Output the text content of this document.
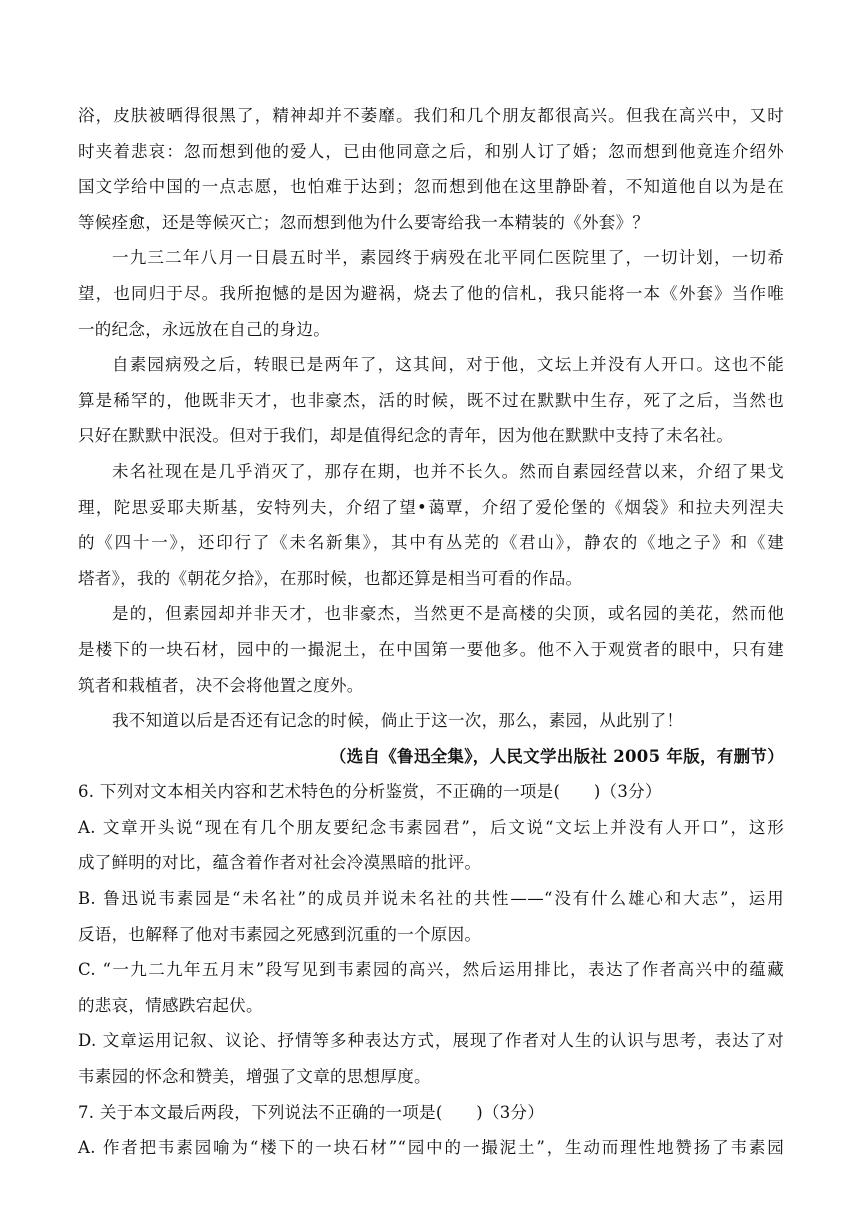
浴，皮肤被晒得很黑了，精神却并不萎靡。我们和几个朋友都很高兴。但我在高兴中，又时
时夹着悲哀：忽而想到他的爱人，已由他同意之后，和别人订了婚；忽而想到他竟连介绍外
国文学给中国的一点志愿，也怕难于达到；忽而想到他在这里静卧着，不知道他自以为是在
等候痊愈，还是等候灭亡；忽而想到他为什么要寄给我一本精装的《外套》？
一九三二年八月一日晨五时半，素园终于病殁在北平同仁医院里了，一切计划，一切希
望，也同归于尽。我所抱憾的是因为避祸，烧去了他的信札，我只能将一本《外套》当作唯
一的纪念，永远放在自己的身边。
自素园病殁之后，转眼已是两年了，这其间，对于他，文坛上并没有人开口。这也不能
算是稀罕的，他既非天才，也非豪杰，活的时候，既不过在默默中生存，死了之后，当然也
只好在默默中泯没。但对于我们，却是值得纪念的青年，因为他在默默中支持了未名社。
未名社现在是几乎消灭了，那存在期，也并不长久。然而自素园经营以来，介绍了果戈
理，陀思妥耶夫斯基，安特列夫，介绍了望•蔼覃，介绍了爱伦堡的《烟袋》和拉夫列涅夫
的《四十一》，还印行了《未名新集》，其中有丛芜的《君山》，静农的《地之子》和《建
塔者》，我的《朝花夕拾》，在那时候，也都还算是相当可看的作品。
是的，但素园却并非天才，也非豪杰，当然更不是高楼的尖顶，或名园的美花，然而他
是楼下的一块石材，园中的一撮泥土，在中国第一要他多。他不入于观赏者的眼中，只有建
筑者和栽植者，决不会将他置之度外。
我不知道以后是否还有记念的时候，倘止于这一次，那么，素园，从此别了！
（选自《鲁迅全集》，人民文学出版社 2005 年版，有删节）
6. 下列对文本相关内容和艺术特色的分析鉴赏，不正确的一项是(　　)（3分）
A. 文章开头说“现在有几个朋友要纪念韦素园君”，后文说“文坛上并没有人开口”，这形
成了鲜明的对比，蕴含着作者对社会冷漠黑暗的批评。
B. 鲁迅说韦素园是“未名社”的成员并说未名社的共性——“没有什么雄心和大志”，运用
反语，也解释了他对韦素园之死感到沉重的一个原因。
C. “一九二九年五月末”段写见到韦素园的高兴，然后运用排比，表达了作者高兴中的蕴藏
的悲哀，情感跌宕起伏。
D. 文章运用记叙、议论、抒情等多种表达方式，展现了作者对人生的认识与思考，表达了对
韦素园的怀念和赞美，增强了文章的思想厚度。
7. 关于本文最后两段，下列说法不正确的一项是(　　)（3分）
A. 作者把韦素园喻为“楼下的一块石材”“园中的一撮泥土”，生动而理性地赞扬了韦素园
